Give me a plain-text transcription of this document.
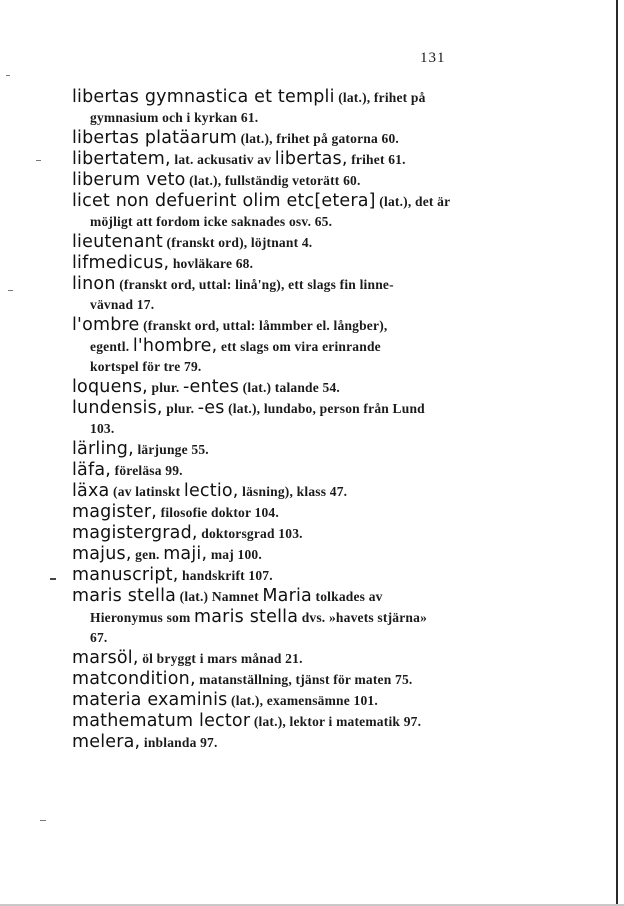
131
libertas gymnastica et templi (lat.), frihet på
gymnasium och i kyrkan 61.
libertas platäarum (lat.), frihet på gatorna 60.
libertatem, lat. ackusativ av libertas, frihet 61.
liberum veto (lat.), fullständig vetorätt 60.
licet non defuerint olim etc[etera] (lat.), det är
möjligt att fordom icke saknades osv. 65.
lieutenant (franskt ord), löjtnant 4.
lifmedicus, hovläkare 68.
linon (franskt ord, uttal: linå'ng), ett slags fin linne-
vävnad 17.
l'ombre (franskt ord, uttal: låmmber el. långber),
egentl. l'hombre, ett slags om vira erinrande
kortspel för tre 79.
loquens, plur. -entes (lat.) talande 54.
lundensis, plur. -es (lat.), lundabo, person från Lund
103.
lärling, lärjunge 55.
läfa, föreläsa 99.
läxa (av latinskt lectio, läsning), klass 47.
magister, filosofie doktor 104.
magistergrad, doktorsgrad 103.
majus, gen. maji, maj 100.
manuscript, handskrift 107.
maris stella (lat.) Namnet Maria tolkades av
Hieronymus som maris stella dvs. »havets stjärna»
67.
marsöl, öl bryggt i mars månad 21.
matcondition, matanställning, tjänst för maten 75.
materia examinis (lat.), examensämne 101.
mathematum lector (lat.), lektor i matematik 97.
melera, inblanda 97.
